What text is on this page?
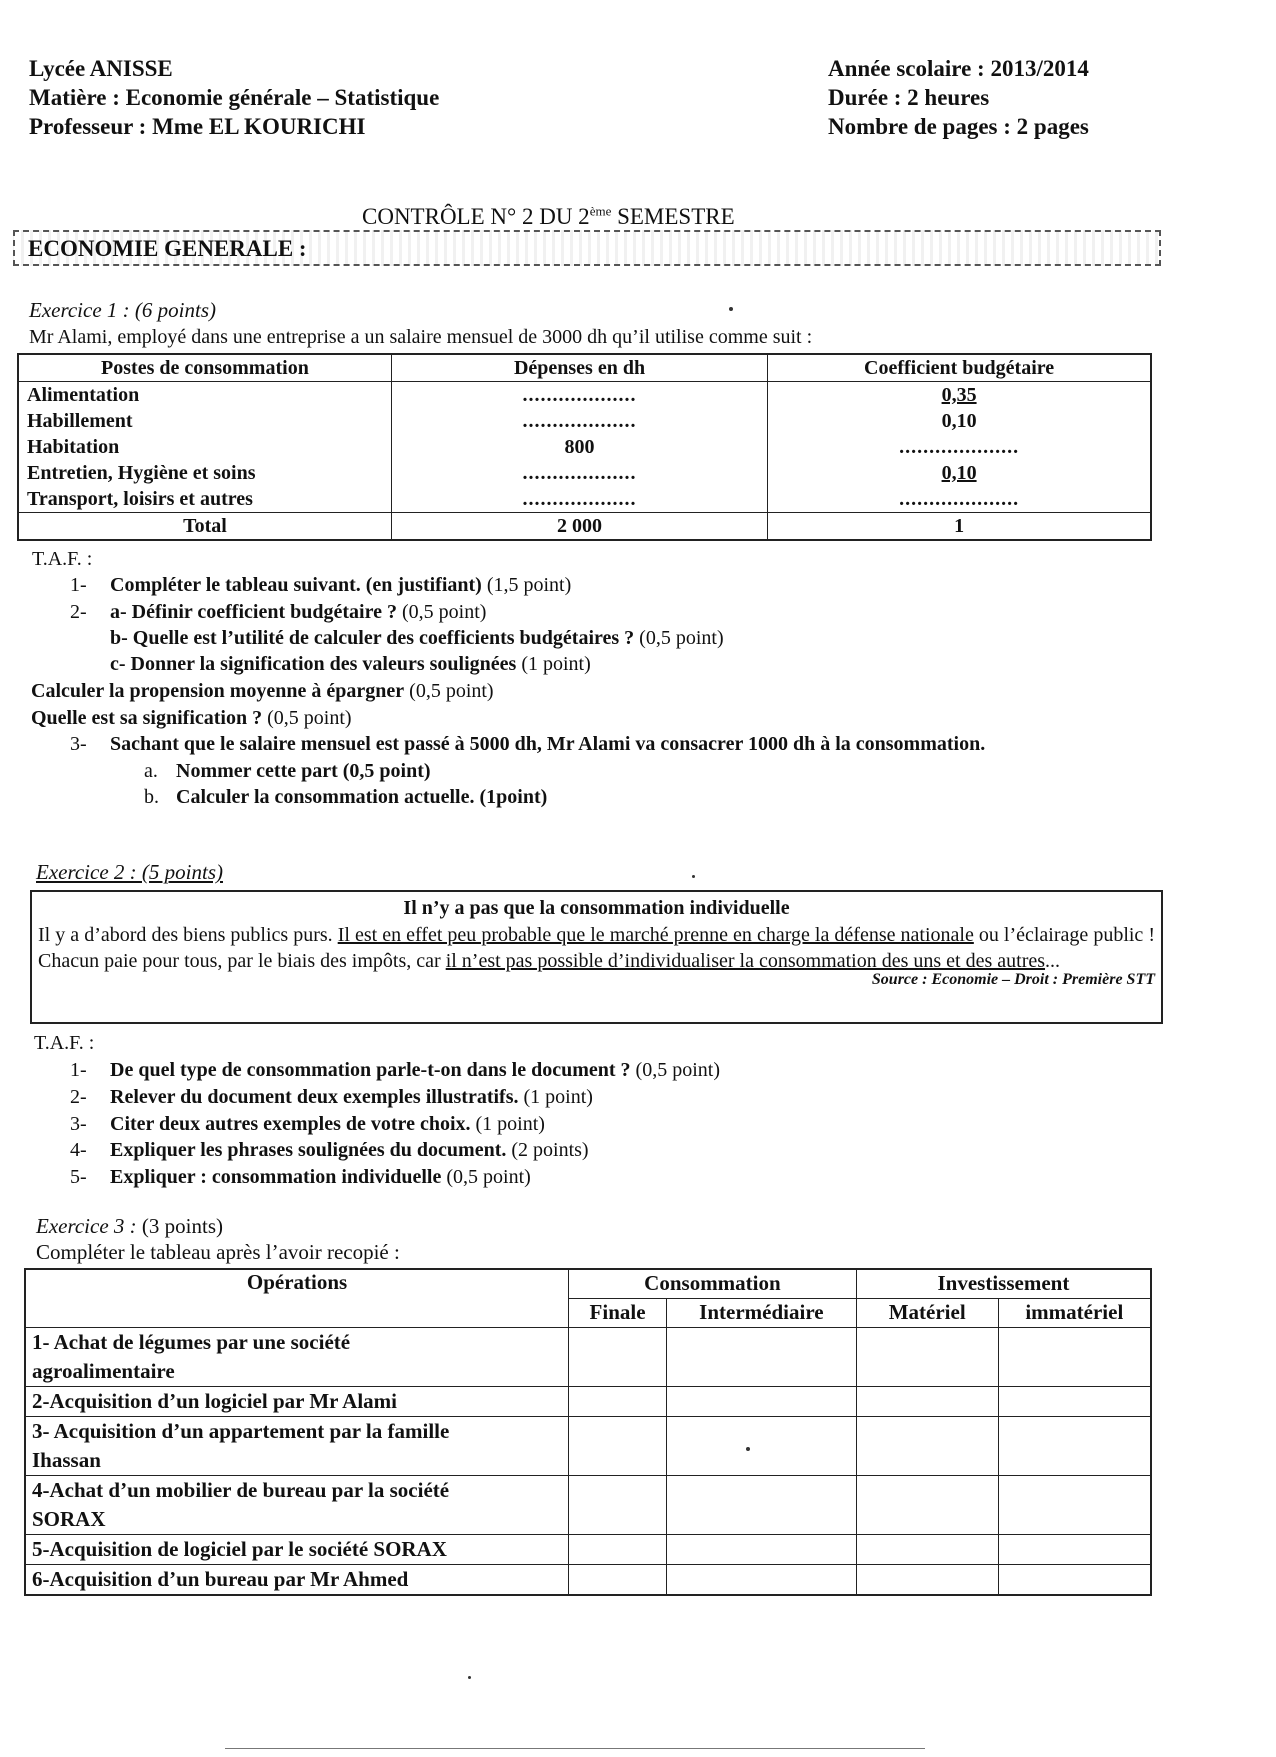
Lycée ANISSE
Matière : Economie générale – Statistique
Professeur : Mme EL KOURICHI
Année scolaire : 2013/2014
Durée : 2 heures
Nombre de pages : 2 pages
CONTRÔLE N° 2 DU 2ème SEMESTRE
ECONOMIE GENERALE :
Exercice 1 : (6 points)
Mr Alami, employé dans une entreprise a un salaire mensuel de 3000 dh qu’il utilise comme suit :
Postes de consommation	Dépenses en dh	Coefficient budgétaire
Alimentation	...................	0,35
Habillement	...................	0,10
Habitation	800	....................
Entretien, Hygiène et soins	...................	0,10
Transport, loisirs et autres	...................	....................
Total	2 000	1
T.A.F. :
1- Compléter le tableau suivant. (en justifiant) (1,5 point)
2- a- Définir coefficient budgétaire ? (0,5 point)
b- Quelle est l’utilité de calculer des coefficients budgétaires ? (0,5 point)
c- Donner la signification des valeurs soulignées (1 point)
Calculer la propension moyenne à épargner (0,5 point)
Quelle est sa signification ? (0,5 point)
3- Sachant que le salaire mensuel est passé à 5000 dh, Mr Alami va consacrer 1000 dh à la consommation.
a. Nommer cette part (0,5 point)
b. Calculer la consommation actuelle. (1point)
Exercice 2 : (5 points)
Il n’y a pas que la consommation individuelle
Il y a d’abord des biens publics purs. Il est en effet peu probable que le marché prenne en charge la défense nationale ou l’éclairage public ! Chacun paie pour tous, par le biais des impôts, car il n’est pas possible d’individualiser la consommation des uns et des autres...
Source : Economie – Droit : Première STT
T.A.F. :
1- De quel type de consommation parle-t-on dans le document ? (0,5 point)
2- Relever du document deux exemples illustratifs. (1 point)
3- Citer deux autres exemples de votre choix. (1 point)
4- Expliquer les phrases soulignées du document. (2 points)
5- Expliquer : consommation individuelle (0,5 point)
Exercice 3 : (3 points)
Compléter le tableau après l’avoir recopié :
Opérations	Consommation		Investissement	
	Finale	Intermédiaire	Matériel	immatériel

1- Achat de légumes par une société
agroalimentaire				

2-Acquisition d’un logiciel par Mr Alami				

3- Acquisition d’un appartement par la famille
Ihassan				

4-Achat d’un mobilier de bureau par la société
SORAX				

5-Acquisition de logiciel par le société SORAX				

6-Acquisition d’un bureau par Mr Ahmed				
